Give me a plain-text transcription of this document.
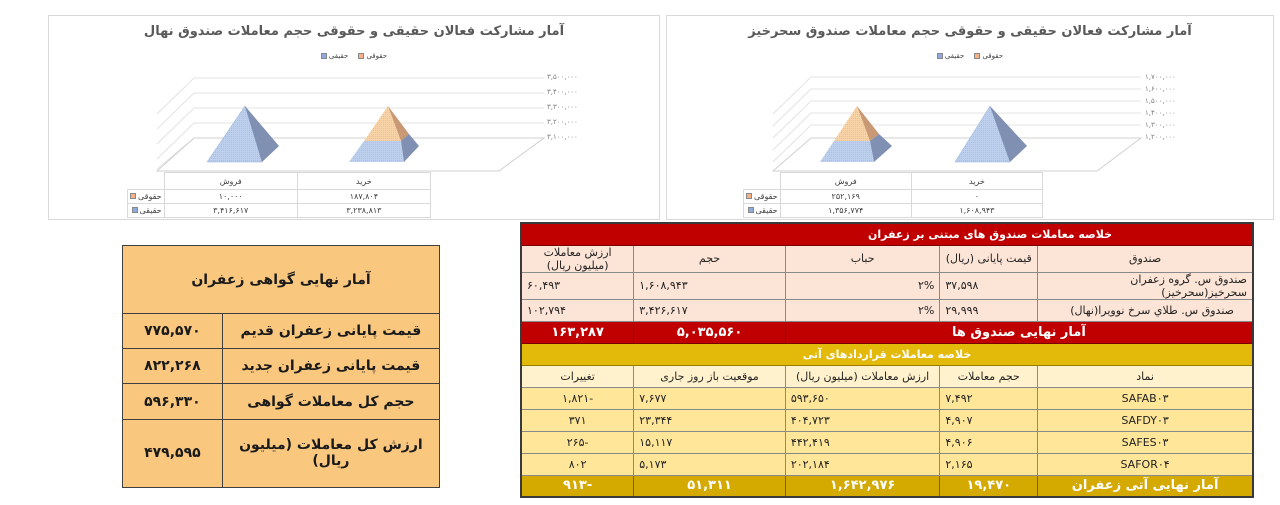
آمار مشارکت فعالان حقیقی و حقوقی حجم معاملات صندوق نهال
حقوقی

حقیقی
۳,۵۰۰,۰۰۰
۳,۴۰۰,۰۰۰
۳,۳۰۰,۰۰۰
۳,۲۰۰,۰۰۰
۳,۱۰۰,۰۰۰
خرید	فروش	
۱۸۷,۸۰۴	۱۰,۰۰۰	حقوقی
۳,۲۳۸,۸۱۳	۳,۴۱۶,۶۱۷	حقیقی
آمار مشارکت فعالان حقیقی و حقوقی حجم معاملات صندوق سحرخیز
حقوقی

حقیقی
۱,۷۰۰,۰۰۰
۱,۶۰۰,۰۰۰
۱,۵۰۰,۰۰۰
۱,۴۰۰,۰۰۰
۱,۳۰۰,۰۰۰
۱,۲۰۰,۰۰۰
خرید	فروش	
۰	۲۵۲,۱۶۹	حقوقی
۱,۶۰۸,۹۴۳	۱,۳۵۶,۷۷۴	حقیقی
آمار نهایی گواهی زعفران	
قیمت پایانی زعفران قدیم	۷۷۵,۵۷۰
قیمت پایانی زعفران جدید	۸۲۲,۲۶۸
حجم کل معاملات گواهی	۵۹۶,۳۳۰
ارزش کل معاملات (میلیون ریال)	۴۷۹,۵۹۵
خلاصه معاملات صندوق های مبتنی بر زعفران				
صندوق	قیمت پایانی (ریال)	حباب	حجم	ارزش معاملات (میلیون ریال)
صندوق س. گروه زعفران سحرخیز(سحرخیز)	۳۷,۵۹۸	۲%	۱,۶۰۸,۹۴۳	۶۰,۴۹۳
صندوق س. طلاي سرخ نوويرا(نهال)	۲۹,۹۹۹	۲%	۳,۴۲۶,۶۱۷	۱۰۲,۷۹۴
آمار نهایی صندوق ها			۵,۰۳۵,۵۶۰	۱۶۳,۲۸۷
خلاصه معاملات قراردادهای آتی				
نماد	حجم معاملات	ارزش معاملات (میلیون ریال)	موقعیت باز روز جاری	تغییرات
SAFAB۰۳	۷,۴۹۲	۵۹۳,۶۵۰	۷,۶۷۷	-۱,۸۲۱
SAFDY۰۳	۴,۹۰۷	۴۰۴,۷۲۳	۲۳,۳۴۴	۳۷۱
SAFES۰۳	۴,۹۰۶	۴۴۲,۴۱۹	۱۵,۱۱۷	-۲۶۵
SAFOR۰۴	۲,۱۶۵	۲۰۲,۱۸۴	۵,۱۷۳	۸۰۲
آمار نهایی آتی زعفران	۱۹,۴۷۰	۱,۶۴۲,۹۷۶	۵۱,۳۱۱	-۹۱۳
